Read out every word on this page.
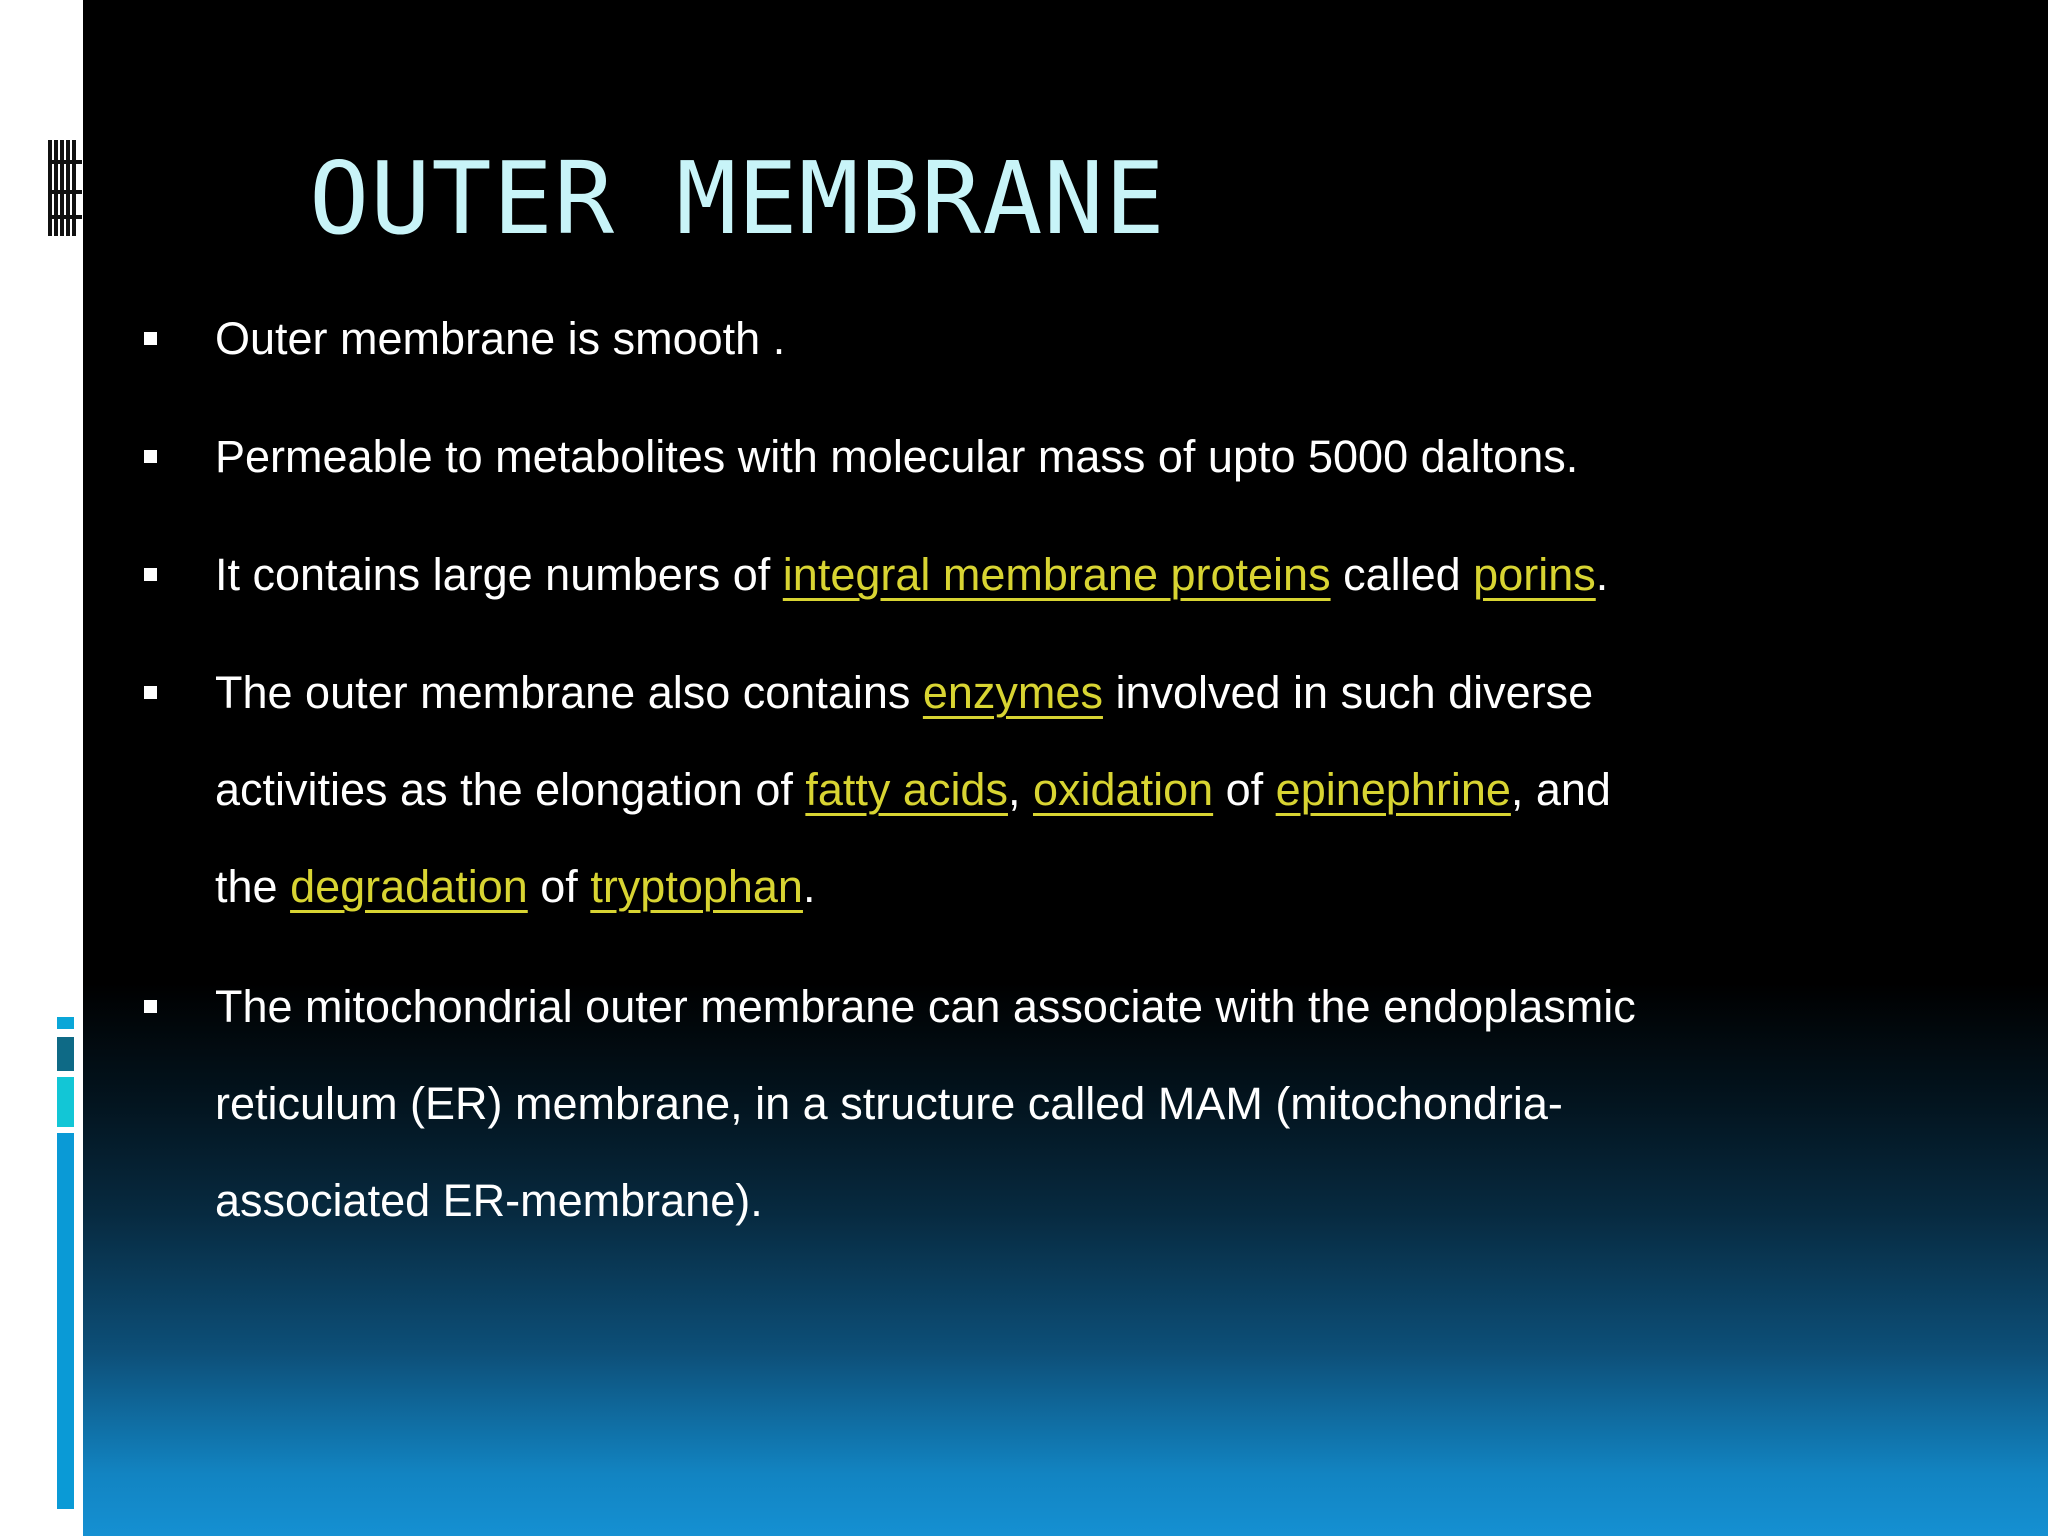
OUTER MEMBRANE
Outer membrane is smooth .
Permeable to metabolites with molecular mass of upto 5000 daltons.
It contains large numbers of integral membrane proteins called porins.
The outer membrane also contains enzymes involved in such diverse
activities as the elongation of fatty acids, oxidation of epinephrine, and
the degradation of tryptophan.
The mitochondrial outer membrane can associate with the endoplasmic
reticulum (ER) membrane, in a structure called MAM (mitochondria-
associated ER-membrane).
